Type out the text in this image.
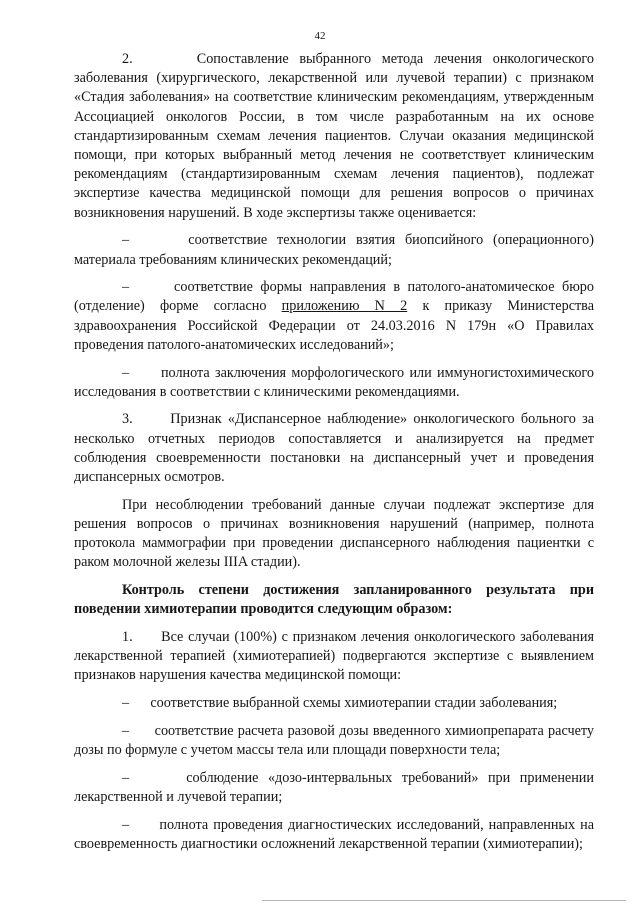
42

2.      Сопоставление выбранного метода лечения онкологического заболевания (хирургического, лекарственной или лучевой терапии) с признаком «Стадия заболевания» на соответствие клиническим рекомендациям, утвержденным Ассоциацией онкологов России, в том числе разработанным на их основе стандартизированным схемам лечения пациентов. Случаи оказания медицинской помощи, при которых выбранный метод лечения не соответствует клиническим рекомендациям (стандартизированным схемам лечения пациентов), подлежат экспертизе качества медицинской помощи для решения вопросов о причинах возникновения нарушений. В ходе экспертизы также оценивается:

–      соответствие технологии взятия биопсийного (операционного) материала требованиям клинических рекомендаций;

–      соответствие формы направления в патолого-анатомическое бюро (отделение) форме согласно приложению N 2 к приказу Министерства здравоохранения Российской Федерации от 24.03.2016 N 179н «О Правилах проведения патолого-анатомических исследований»;

–      полнота заключения морфологического или иммуногистохимического исследования в соответствии с клиническими рекомендациями.

3.      Признак «Диспансерное наблюдение» онкологического больного за несколько отчетных периодов сопоставляется и анализируется на предмет соблюдения своевременности постановки на диспансерный учет и проведения диспансерных осмотров.

При несоблюдении требований данные случаи подлежат экспертизе для решения вопросов о причинах возникновения нарушений (например, полнота протокола маммографии при проведении диспансерного наблюдения пациентки с раком молочной железы IIIA стадии).

Контроль степени достижения запланированного результата при поведении химиотерапии проводится следующим образом:

1.      Все случаи (100%) с признаком лечения онкологического заболевания лекарственной терапией (химиотерапией) подвергаются экспертизе с выявлением признаков нарушения качества медицинской помощи:

–      соответствие выбранной схемы химиотерапии стадии заболевания;

–      соответствие расчета разовой дозы введенного химиопрепарата расчету дозы по формуле с учетом массы тела или площади поверхности тела;

–      соблюдение «дозо-интервальных требований» при применении лекарственной и лучевой терапии;

–      полнота проведения диагностических исследований, направленных на своевременность диагностики осложнений лекарственной терапии (химиотерапии);
